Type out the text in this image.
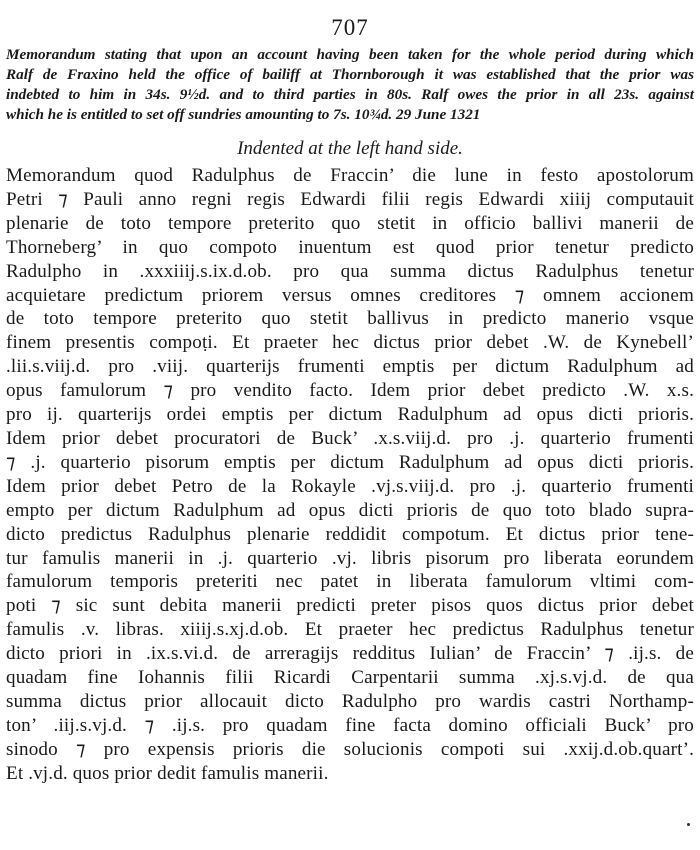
707

Memorandum stating that upon an account having been taken for the whole period during which

Ralf de Fraxino held the office of bailiff at Thornborough it was established that the prior was

indebted to him in 34s. 9½d. and to third parties in 80s. Ralf owes the prior in all 23s. against

which he is entitled to set off sundries amounting to 7s. 10¾d. 29 June 1321

Indented at the left hand side.

Memorandum quod Radulphus de Fraccin’ die lune in festo apostolorum

Petri ⁊ Pauli anno regni regis Edwardi filii regis Edwardi xiiij computauit

plenarie de toto tempore preterito quo stetit in officio ballivi manerii de

Thorneberg’ in quo compoto inuentum est quod prior tenetur predicto

Radulpho in .xxxiiij.s.ix.d.ob. pro qua summa dictus Radulphus tenetur

acquietare predictum priorem versus omnes creditores ⁊ omnem accionem

de toto tempore preterito quo stetit ballivus in predicto manerio vsque

finem presentis compoṭi. Et praeter hec dictus prior debet .W. de Kynebell’

.lii.s.viij.d. pro .viij. quarterijs frumenti emptis per dictum Radulphum ad

opus famulorum ⁊ pro vendito facto. Idem prior debet predicto .W. x.s.

pro ij. quarterijs ordei emptis per dictum Radulphum ad opus dicti prioris.

Idem prior debet procuratori de Buck’ .x.s.viij.d. pro .j. quarterio frumenti

⁊ .j. quarterio pisorum emptis per dictum Radulphum ad opus dicti prioris.

Idem prior debet Petro de la Rokayle .vj.s.viij.d. pro .j. quarterio frumenti

empto per dictum Radulphum ad opus dicti prioris de quo toto blado supra-

dicto predictus Radulphus plenarie reddidit compotum. Et dictus prior tene-

tur famulis manerii in .j. quarterio .vj. libris pisorum pro liberata eorundem

famulorum temporis preteriti nec patet in liberata famulorum vltimi com-

poti ⁊ sic sunt debita manerii predicti preter pisos quos dictus prior debet

famulis .v. libras. xiiij.s.xj.d.ob. Et praeter hec predictus Radulphus tenetur

dicto priori in .ix.s.vi.d. de arreragijs redditus Iulian’ de Fraccin’ ⁊ .ij.s. de

quadam fine Iohannis filii Ricardi Carpentarii summa .xj.s.vj.d. de qua

summa dictus prior allocauit dicto Radulpho pro wardis castri Northamp-

ton’ .iij.s.vj.d. ⁊ .ij.s. pro quadam fine facta domino officiali Buck’ pro

sinodo ⁊ pro expensis prioris die solucionis compoti sui .xxij.d.ob.quart’.

Et .vj.d. quos prior dedit famulis manerii.
